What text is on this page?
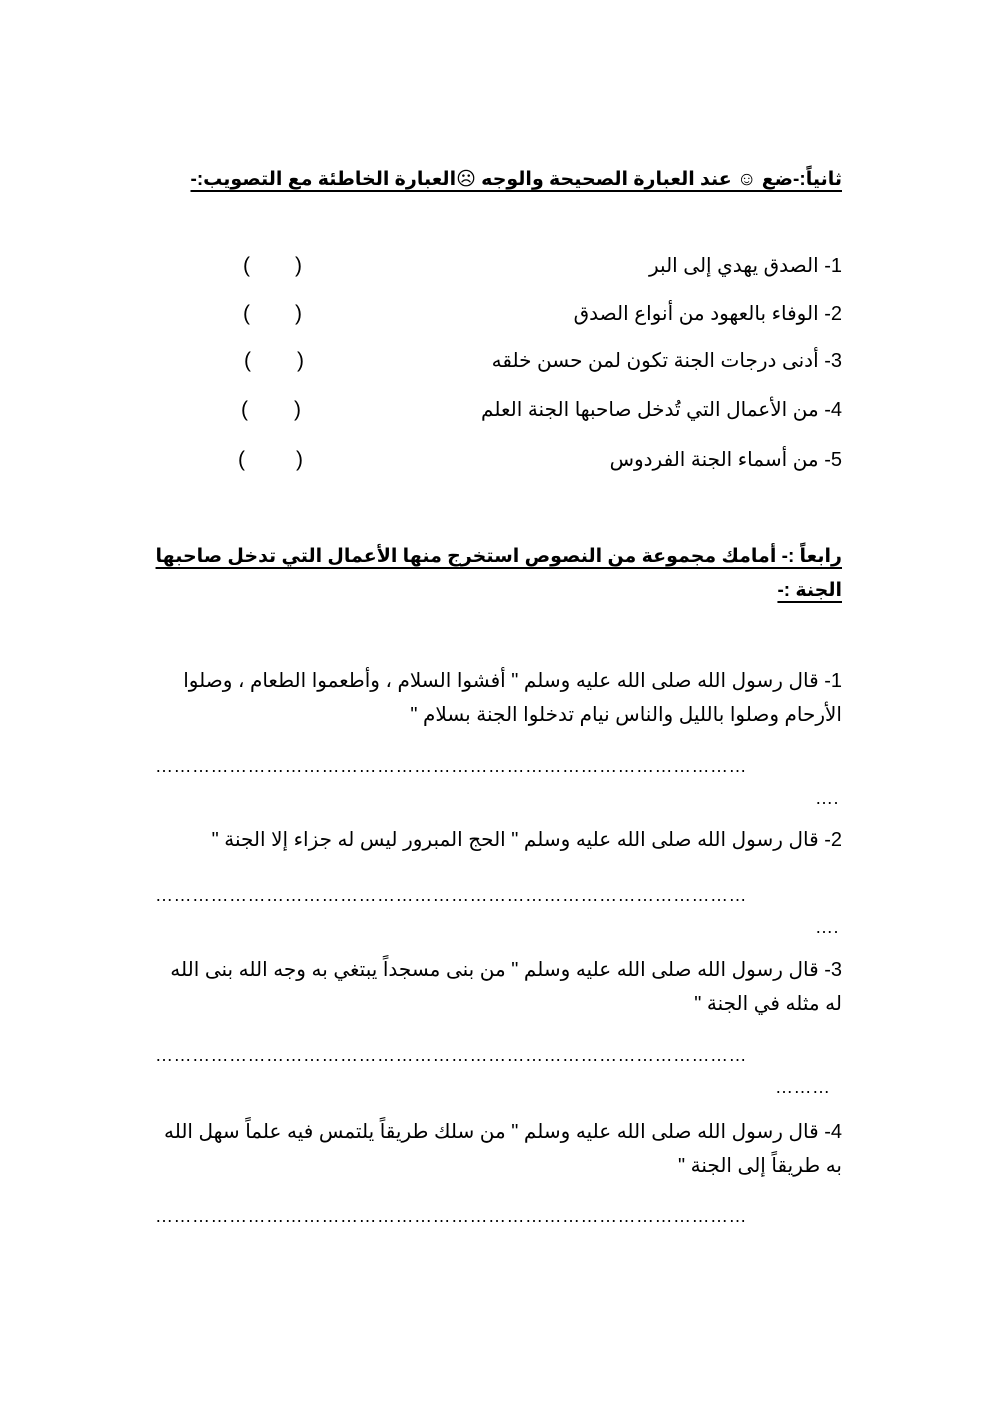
ثانياً:-ضع ☺ عند العبارة الصحيحة والوجه ☹العبارة الخاطئة مع التصويب:-
1- الصدق يهدي إلى البر
( )
2- الوفاء بالعهود من أنواع الصدق
( )
3- أدنى درجات الجنة تكون لمن حسن خلقه
( )
4- من الأعمال التي تُدخل صاحبها الجنة العلم
( )
5- من أسماء الجنة الفردوس
( )
رابعاً :- أمامك مجموعة من النصوص استخرج منها الأعمال التي تدخل صاحبها الجنة :-
1- قال رسول الله صلى الله عليه وسلم " أفشوا السلام ، وأطعموا الطعام ، وصلوا الأرحام وصلوا بالليل والناس نيام تدخلوا الجنة بسلام "
……………………………………………………………………………………
….
2- قال رسول الله صلى الله عليه وسلم " الحج المبرور ليس له جزاء إلا الجنة "
……………………………………………………………………………………
….
3- قال رسول الله صلى الله عليه وسلم " من بنى مسجداً يبتغي به وجه الله بنى الله له مثله في الجنة "
……………………………………………………………………………………
………
4- قال رسول الله صلى الله عليه وسلم " من سلك طريقاً يلتمس فيه علماً سهل الله به طريقاً إلى الجنة "
……………………………………………………………………………………
